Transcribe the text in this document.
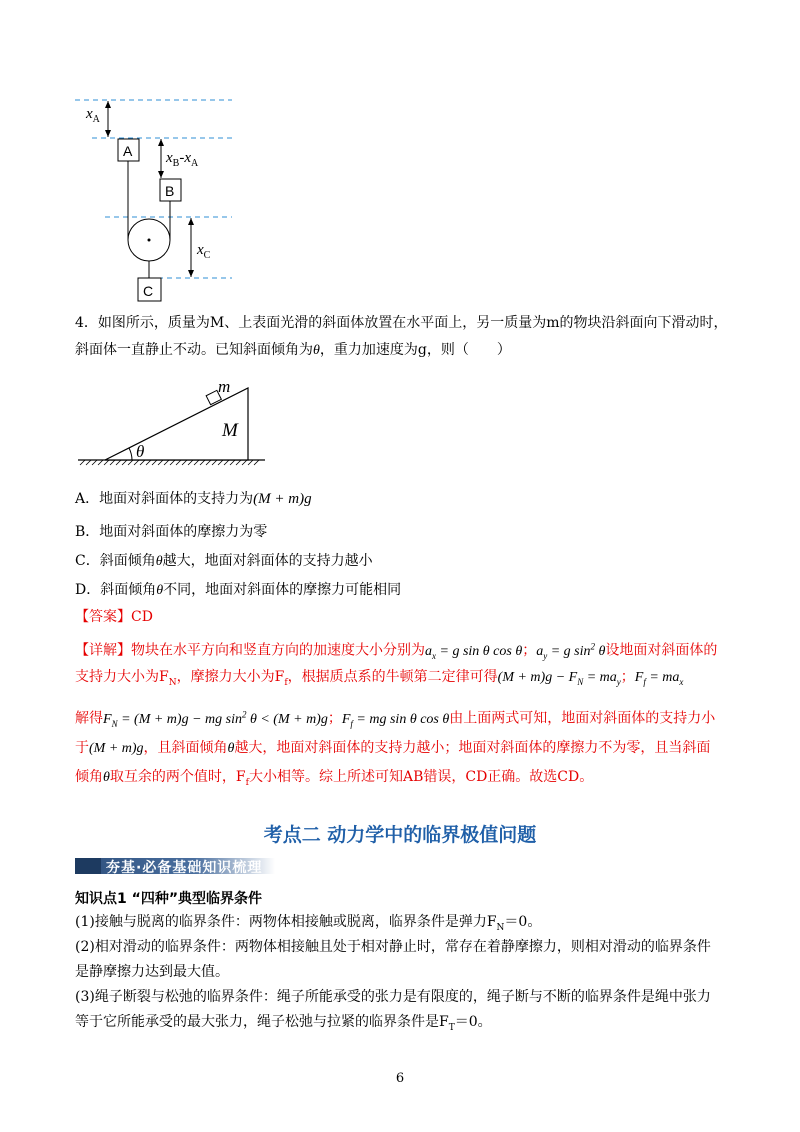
$x_A$
A
B
C
$x_B-x_A$
$x_C$
4．如图所示，质量为M、上表面光滑的斜面体放置在水平面上，另一质量为m的物块沿斜面向下滑动时，
斜面体一直静止不动。已知斜面倾角为θ，重力加速度为g，则（　　）
m
M
θ
A．地面对斜面体的支持力为(M + m)g
B．地面对斜面体的摩擦力为零
C．斜面倾角θ越大，地面对斜面体的支持力越小
D．斜面倾角θ不同，地面对斜面体的摩擦力可能相同
【答案】CD
【详解】物块在水平方向和竖直方向的加速度大小分别为$a_x = g$ sin θ cos θ；$a_y = g$ $\sin^2 \theta$设地面对斜面体的
支持力大小为$F_N$，摩擦力大小为$F_f$，根据质点系的牛顿第二定律可得$(M + m)g - F_N = ma_y$；$F_f = ma_x$
解得$F_N = (M + m)g$ − mg $\sin^2 \theta < (M + m)g$；$F_f$ = mg sin θ cos θ由上面两式可知，地面对斜面体的支持力小
于(M + m)g，且斜面倾角θ越大，地面对斜面体的支持力越小；地面对斜面体的摩擦力不为零，且当斜面
倾角θ取互余的两个值时，$F_f$大小相等。综上所述可知AB错误，CD正确。故选CD。
考点二 动力学中的临界极值问题
夯基·必备基础知识梳理
知识点1 “四种”典型临界条件
(1)接触与脱离的临界条件：两物体相接触或脱离，临界条件是弹力$F_N=0$。
(2)相对滑动的临界条件：两物体相接触且处于相对静止时，常存在着静摩擦力，则相对滑动的临界条件
是静摩擦力达到最大值。
(3)绳子断裂与松弛的临界条件：绳子所能承受的张力是有限度的，绳子断与不断的临界条件是绳中张力
等于它所能承受的最大张力，绳子松弛与拉紧的临界条件是$F_T=0$。
6
